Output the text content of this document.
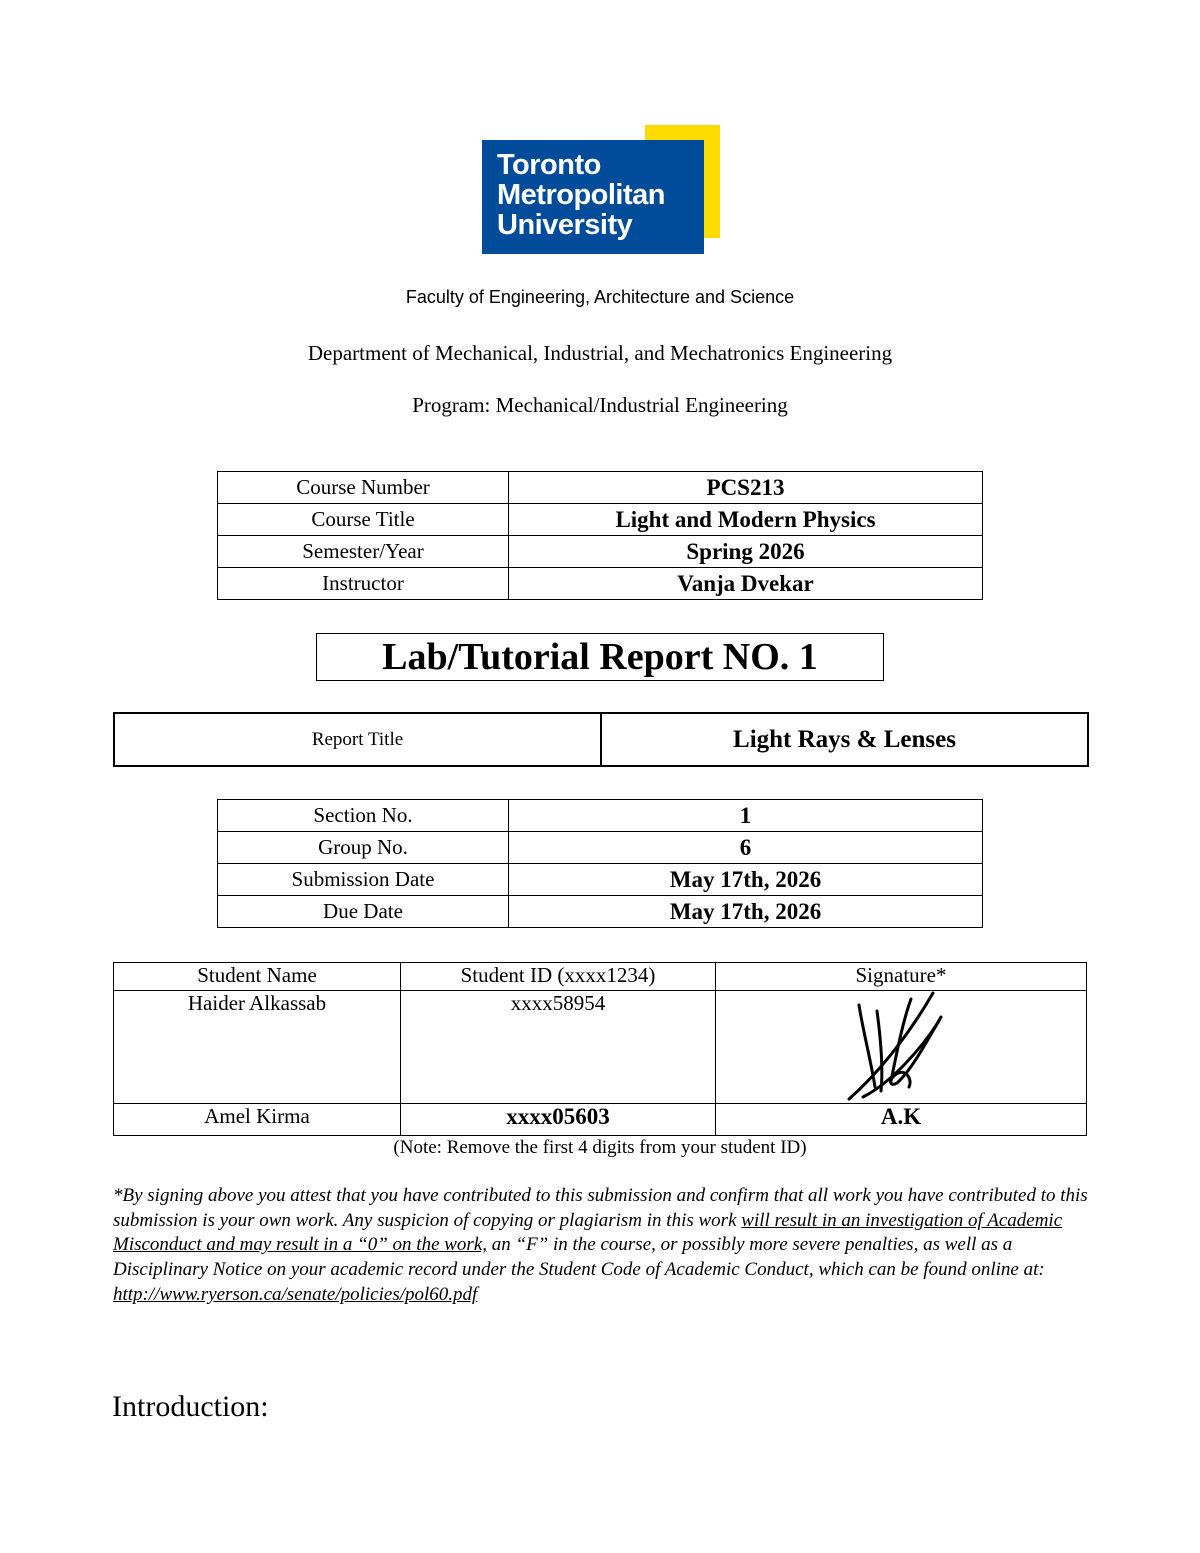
Toronto
Metropolitan
University
Faculty of Engineering, Architecture and Science
Department of Mechanical, Industrial, and Mechatronics Engineering
Program: Mechanical/Industrial Engineering
Course Number	PCS213
Course Title	Light and Modern Physics
Semester/Year	Spring 2026
Instructor	Vanja Dvekar
Lab/Tutorial Report NO. 1
Report Title	Light Rays & Lenses
Section No.	1
Group No.	6
Submission Date	May 17th, 2026
Due Date	May 17th, 2026
Student Name	Student ID (xxxx1234)	Signature*
Haider Alkassab	xxxx58954	

Amel Kirma	xxxx05603	A.K
(Note: Remove the first 4 digits from your student ID)
*By signing above you attest that you have contributed to this submission and confirm that all work you have contributed to this submission is your own work. Any suspicion of copying or plagiarism in this work will result in an investigation of Academic Misconduct and may result in a “0” on the work, an “F” in the course, or possibly more severe penalties, as well as a Disciplinary Notice on your academic record under the Student Code of Academic Conduct, which can be found online at: http://www.ryerson.ca/senate/policies/pol60.pdf
Introduction:
